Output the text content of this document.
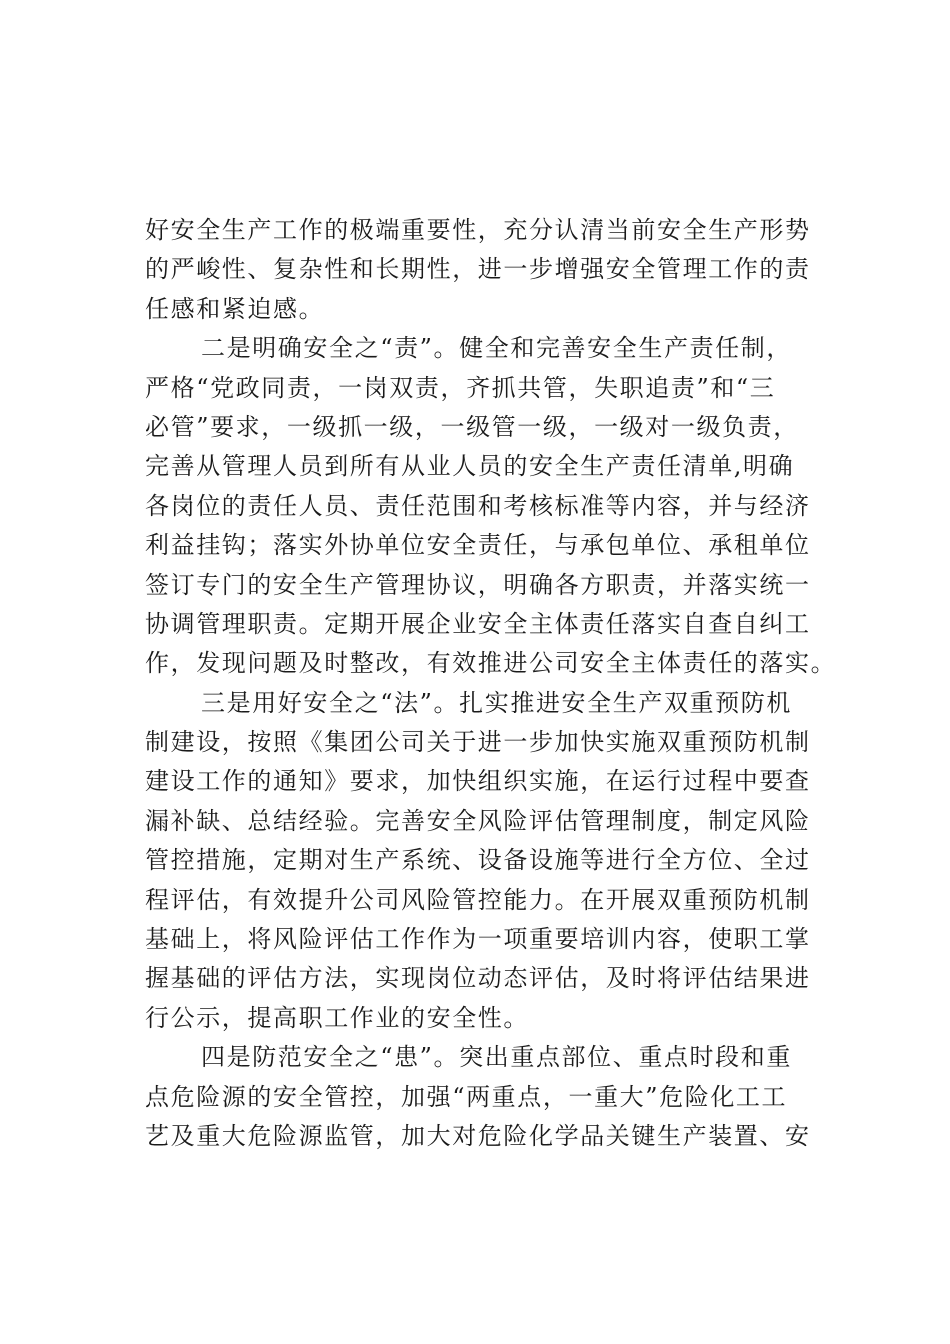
好安全生产工作的极端重要性，充分认清当前安全生产形势
的严峻性、复杂性和长期性，进一步增强安全管理工作的责
任感和紧迫感。
二是明确安全之“责”。健全和完善安全生产责任制，
严格“党政同责，一岗双责，齐抓共管，失职追责”和“三
必管”要求，一级抓一级，一级管一级，一级对一级负责，
完善从管理人员到所有从业人员的安全生产责任清单,明确
各岗位的责任人员、责任范围和考核标准等内容，并与经济
利益挂钩；落实外协单位安全责任，与承包单位、承租单位
签订专门的安全生产管理协议，明确各方职责，并落实统一
协调管理职责。定期开展企业安全主体责任落实自查自纠工
作，发现问题及时整改，有效推进公司安全主体责任的落实。
三是用好安全之“法”。扎实推进安全生产双重预防机
制建设，按照《集团公司关于进一步加快实施双重预防机制
建设工作的通知》要求，加快组织实施，在运行过程中要查
漏补缺、总结经验。完善安全风险评估管理制度，制定风险
管控措施，定期对生产系统、设备设施等进行全方位、全过
程评估，有效提升公司风险管控能力。在开展双重预防机制
基础上，将风险评估工作作为一项重要培训内容，使职工掌
握基础的评估方法，实现岗位动态评估，及时将评估结果进
行公示，提高职工作业的安全性。
四是防范安全之“患”。突出重点部位、重点时段和重
点危险源的安全管控，加强“两重点，一重大”危险化工工
艺及重大危险源监管，加大对危险化学品关键生产装置、安
